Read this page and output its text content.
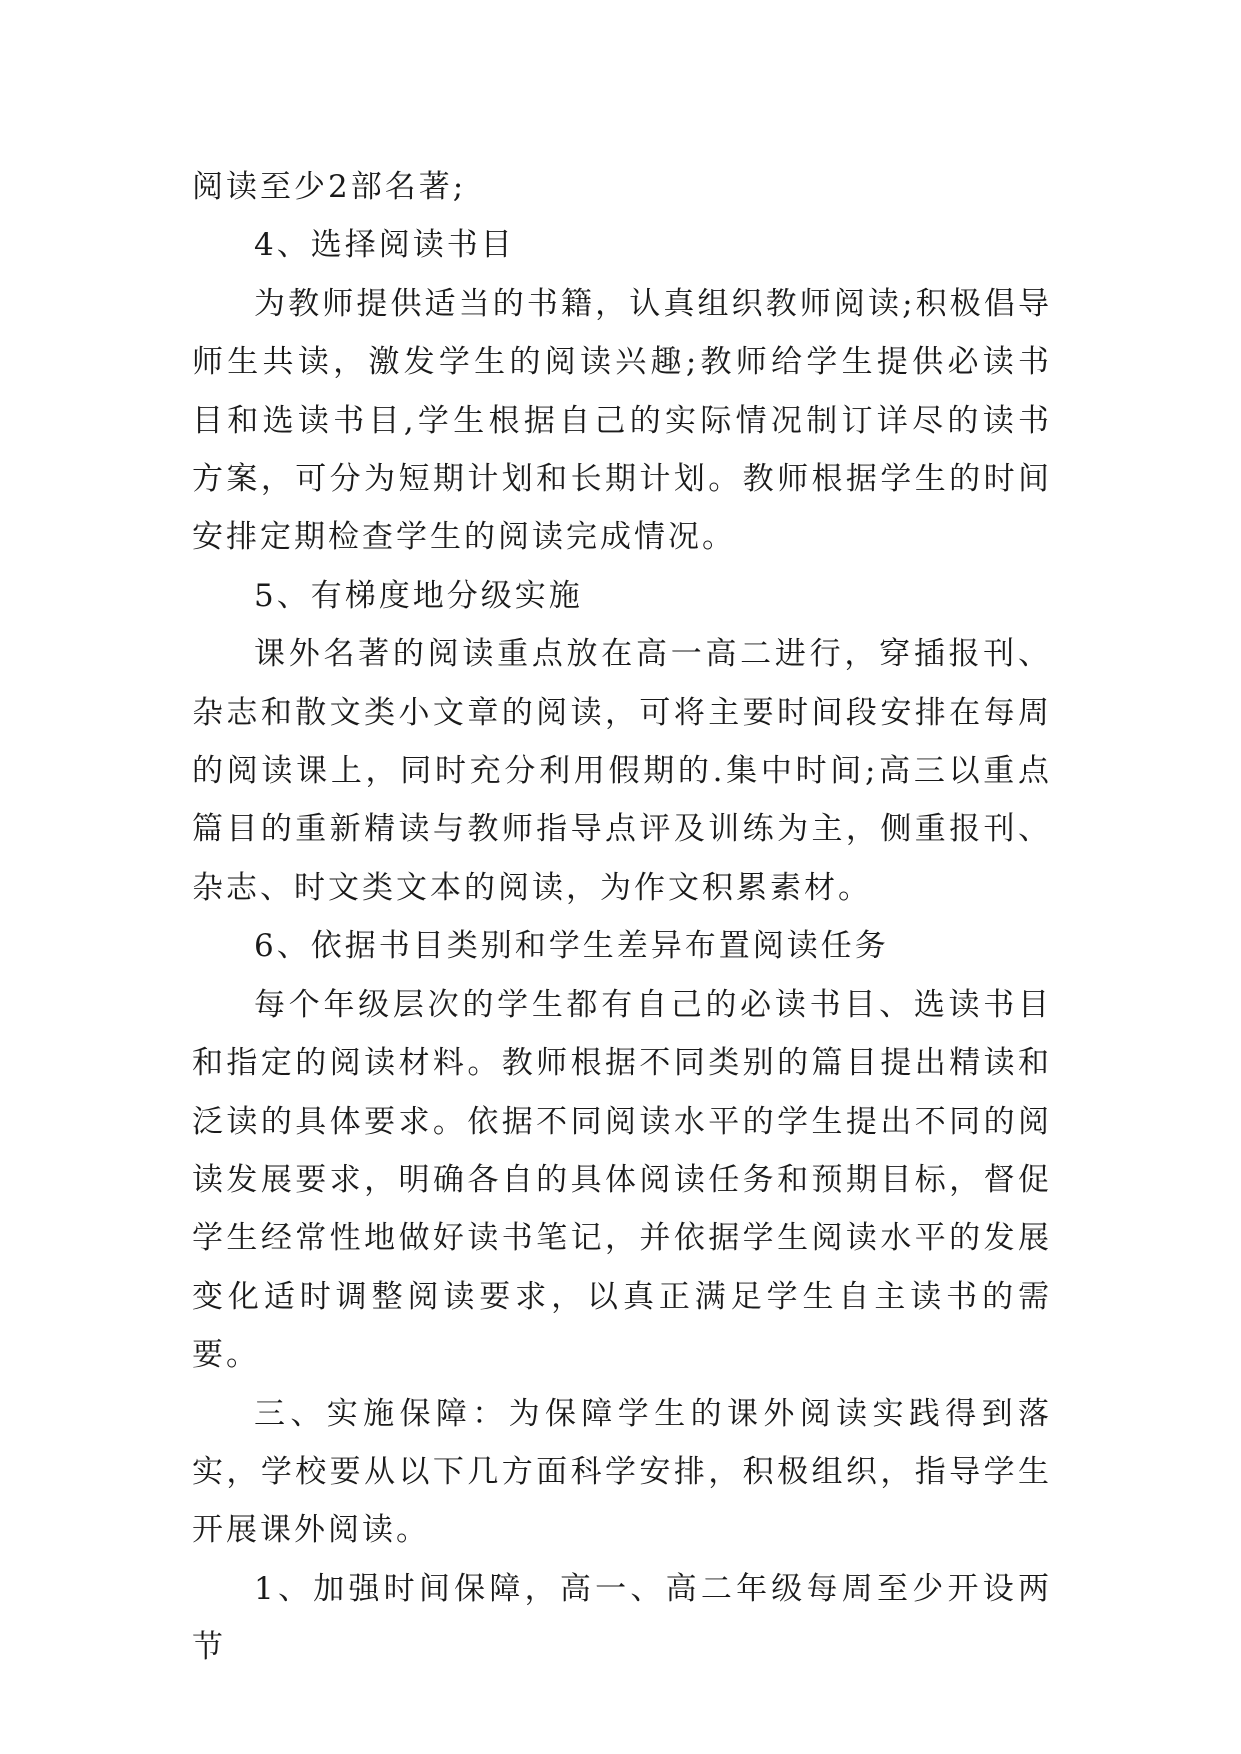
阅读至少2部名著;

4、选择阅读书目

为教师提供适当的书籍，认真组织教师阅读;积极倡导师生共读，激发学生的阅读兴趣;教师给学生提供必读书目和选读书目,学生根据自己的实际情况制订详尽的读书方案，可分为短期计划和长期计划。教师根据学生的时间安排定期检查学生的阅读完成情况。

5、有梯度地分级实施

课外名著的阅读重点放在高一高二进行，穿插报刊、杂志和散文类小文章的阅读，可将主要时间段安排在每周的阅读课上，同时充分利用假期的.集中时间;高三以重点篇目的重新精读与教师指导点评及训练为主，侧重报刊、杂志、时文类文本的阅读，为作文积累素材。

6、依据书目类别和学生差异布置阅读任务

每个年级层次的学生都有自己的必读书目、选读书目和指定的阅读材料。教师根据不同类别的篇目提出精读和泛读的具体要求。依据不同阅读水平的学生提出不同的阅读发展要求，明确各自的具体阅读任务和预期目标，督促学生经常性地做好读书笔记，并依据学生阅读水平的发展变化适时调整阅读要求，以真正满足学生自主读书的需要。

三、实施保障：为保障学生的课外阅读实践得到落实，学校要从以下几方面科学安排，积极组织，指导学生开展课外阅读。

1、加强时间保障，高一、高二年级每周至少开设两节
